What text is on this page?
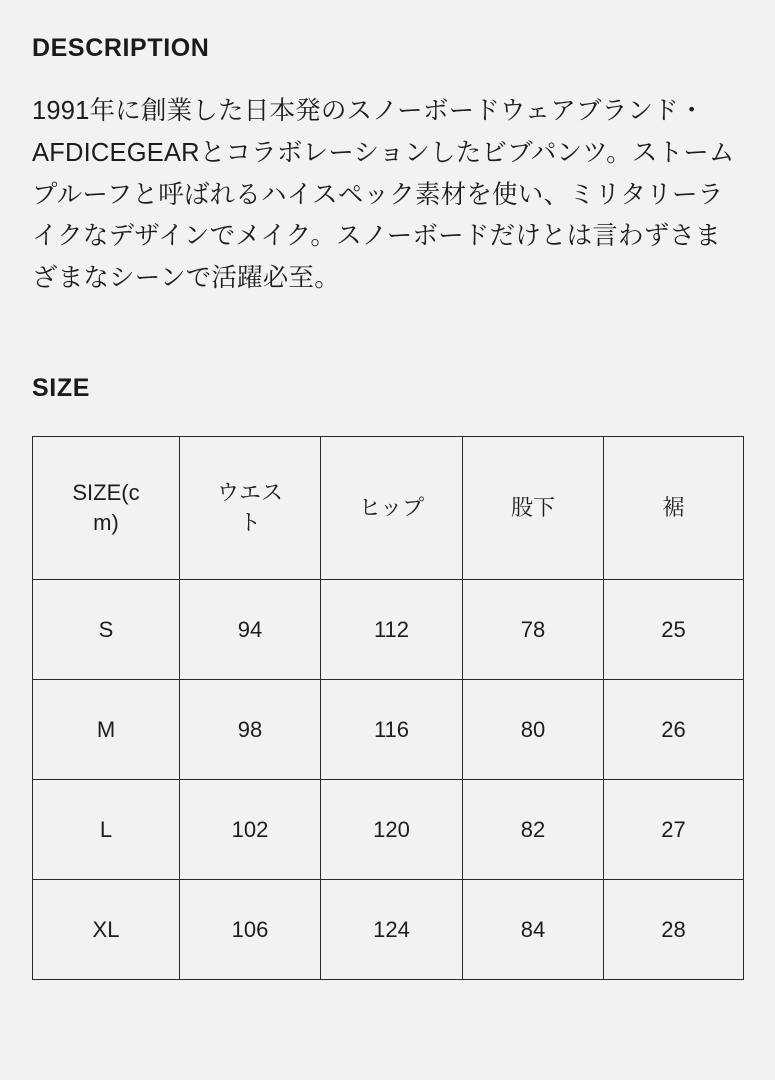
DESCRIPTION

1991年に創業した日本発のスノーボードウェアブランド・AFDICEGEARとコラボレーションしたビブパンツ。ストームプルーフと呼ばれるハイスペック素材を使い、ミリタリーライクなデザインでメイク。スノーボードだけとは言わずさまざまなシーンで活躍必至。

SIZE
SIZE(cm)	ウエスト	ヒップ	股下	裾

S	94	112	78	25
M	98	116	80	26
L	102	120	82	27
XL	106	124	84	28
